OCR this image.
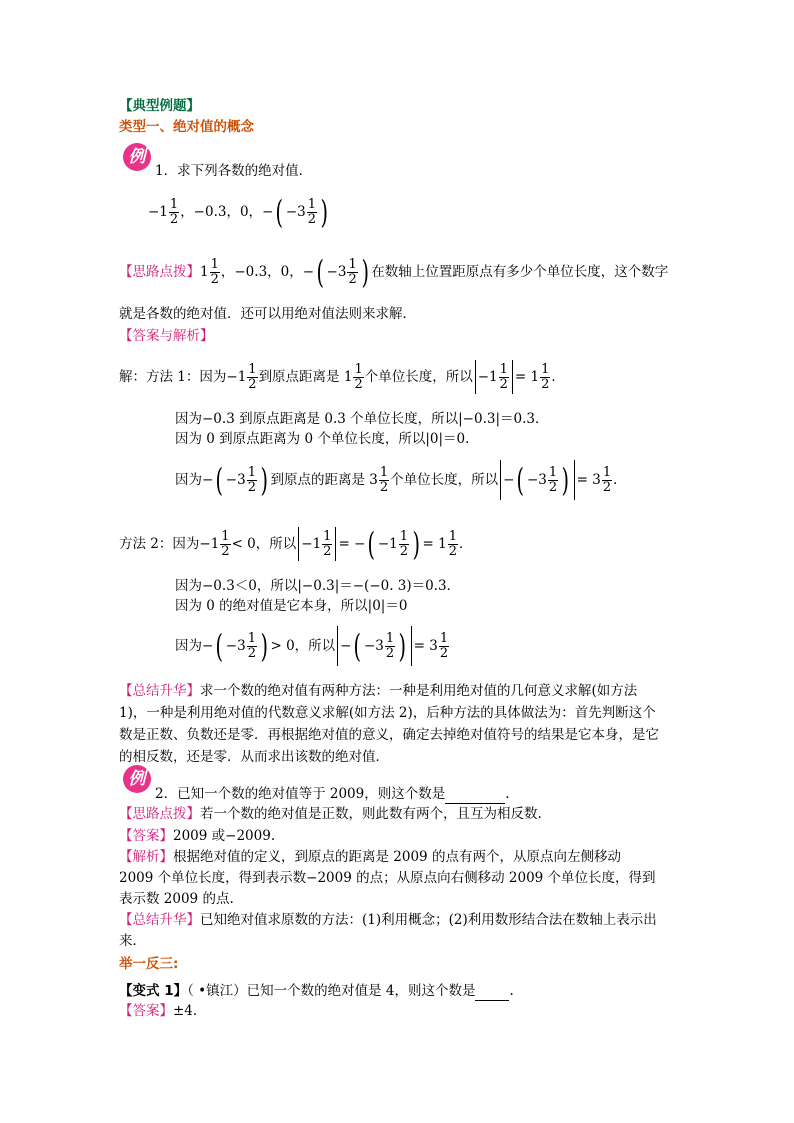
【典型例题】
类型一、绝对值的概念
例
1．求下列各数的绝对值．
$-1 \frac{1}{2}$ ，−0.3，0，− ( $-3 \frac{1}{2}$ )
【思路点拨】 $1 \frac{1}{2}$ ，−0.3，0，− ( $-3 \frac{1}{2}$ ) 在数轴上位置距原点有多少个单位长度，这个数字
就是各数的绝对值．还可以用绝对值法则来求解．
【答案与解析】
解：方法 1：因为$-1 \frac{1}{2}$ 到原点距离是 $1 \frac{1}{2}$ 个单位长度，所以 $-1 \frac{1}{2} = 1 \frac{1}{2}$ ．
因为−0.3 到原点距离是 0.3 个单位长度，所以|−0.3|＝0.3．
因为 0 到原点距离为 0 个单位长度，所以|0|＝0．
因为− ( $-3 \frac{1}{2}$ ) 到原点的距离是 $3 \frac{1}{2}$ 个单位长度，所以 − ( $-3 \frac{1}{2}$ ) = $3 \frac{1}{2}$ ．
方法 2：因为$-1 \frac{1}{2} < 0$，所以 $-1 \frac{1}{2}$ = − ( $-1 \frac{1}{2}$ ) = $1 \frac{1}{2}$ ．
因为−0.3＜0，所以|−0.3|＝−(−0. 3)＝0.3．
因为 0 的绝对值是它本身，所以|0|＝0
因为− ( $-3 \frac{1}{2}$ ) > 0，所以 − ( $-3 \frac{1}{2}$ ) = $3 \frac{1}{2}$
【总结升华】求一个数的绝对值有两种方法：一种是利用绝对值的几何意义求解(如方法 1)，一种是利用绝对值的代数意义求解(如方法 2)，后种方法的具体做法为：首先判断这个数是正数、负数还是零．再根据绝对值的意义，确定去掉绝对值符号的结果是它本身，是它的相反数，还是零．从而求出该数的绝对值．
例
2．已知一个数的绝对值等于 2009，则这个数是	.
【思路点拨】若一个数的绝对值是正数，则此数有两个，且互为相反数.
【答案】2009 或−2009.
【解析】根据绝对值的定义，到原点的距离是 2009 的点有两个，从原点向左侧移动 2009 个单位长度，得到表示数−2009 的点；从原点向右侧移动 2009 个单位长度，得到表示数 2009 的点.
【总结升华】已知绝对值求原数的方法：(1)利用概念；(2)利用数形结合法在数轴上表示出来．
举一反三:
【变式 1】（ •镇江）已知一个数的绝对值是 4，则这个数是	.
【答案】±4.
